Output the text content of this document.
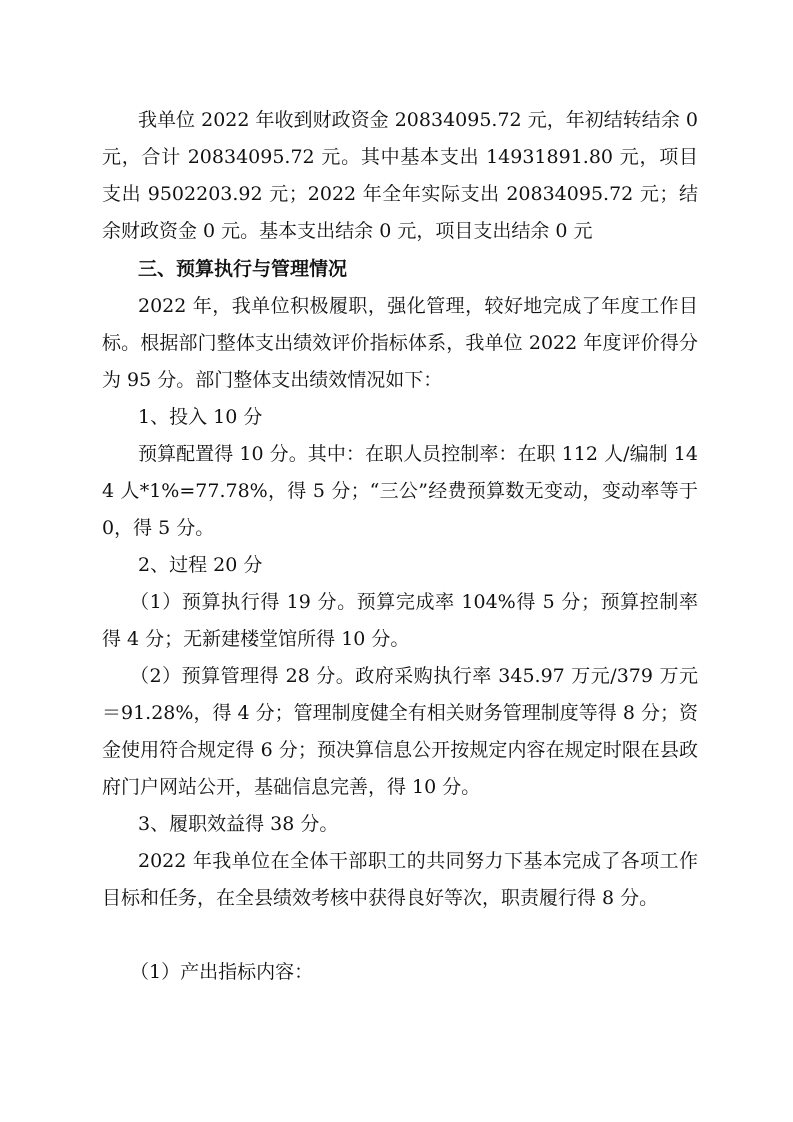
我单位 2022 年收到财政资金 20834095.72 元，年初结转结余 0 元，合计 20834095.72 元。其中基本支出 14931891.80 元，项目支出 9502203.92 元；2022 年全年实际支出 20834095.72 元；结余财政资金 0 元。基本支出结余 0 元，项目支出结余 0 元

三、预算执行与管理情况

2022 年，我单位积极履职，强化管理，较好地完成了年度工作目标。根据部门整体支出绩效评价指标体系，我单位 2022 年度评价得分为 95 分。部门整体支出绩效情况如下：

1、投入 10 分

预算配置得 10 分。其中：在职人员控制率：在职 112 人/编制 144 人*1%=77.78%，得 5 分；“三公”经费预算数无变动，变动率等于 0，得 5 分。

2、过程 20 分

（1）预算执行得 19 分。预算完成率 104%得 5 分；预算控制率得 4 分；无新建楼堂馆所得 10 分。

（2）预算管理得 28 分。政府采购执行率 345.97 万元/379 万元＝91.28%，得 4 分；管理制度健全有相关财务管理制度等得 8 分；资金使用符合规定得 6 分；预决算信息公开按规定内容在规定时限在县政府门户网站公开，基础信息完善，得 10 分。

3、履职效益得 38 分。

2022 年我单位在全体干部职工的共同努力下基本完成了各项工作目标和任务，在全县绩效考核中获得良好等次，职责履行得 8 分。

（1）产出指标内容：
